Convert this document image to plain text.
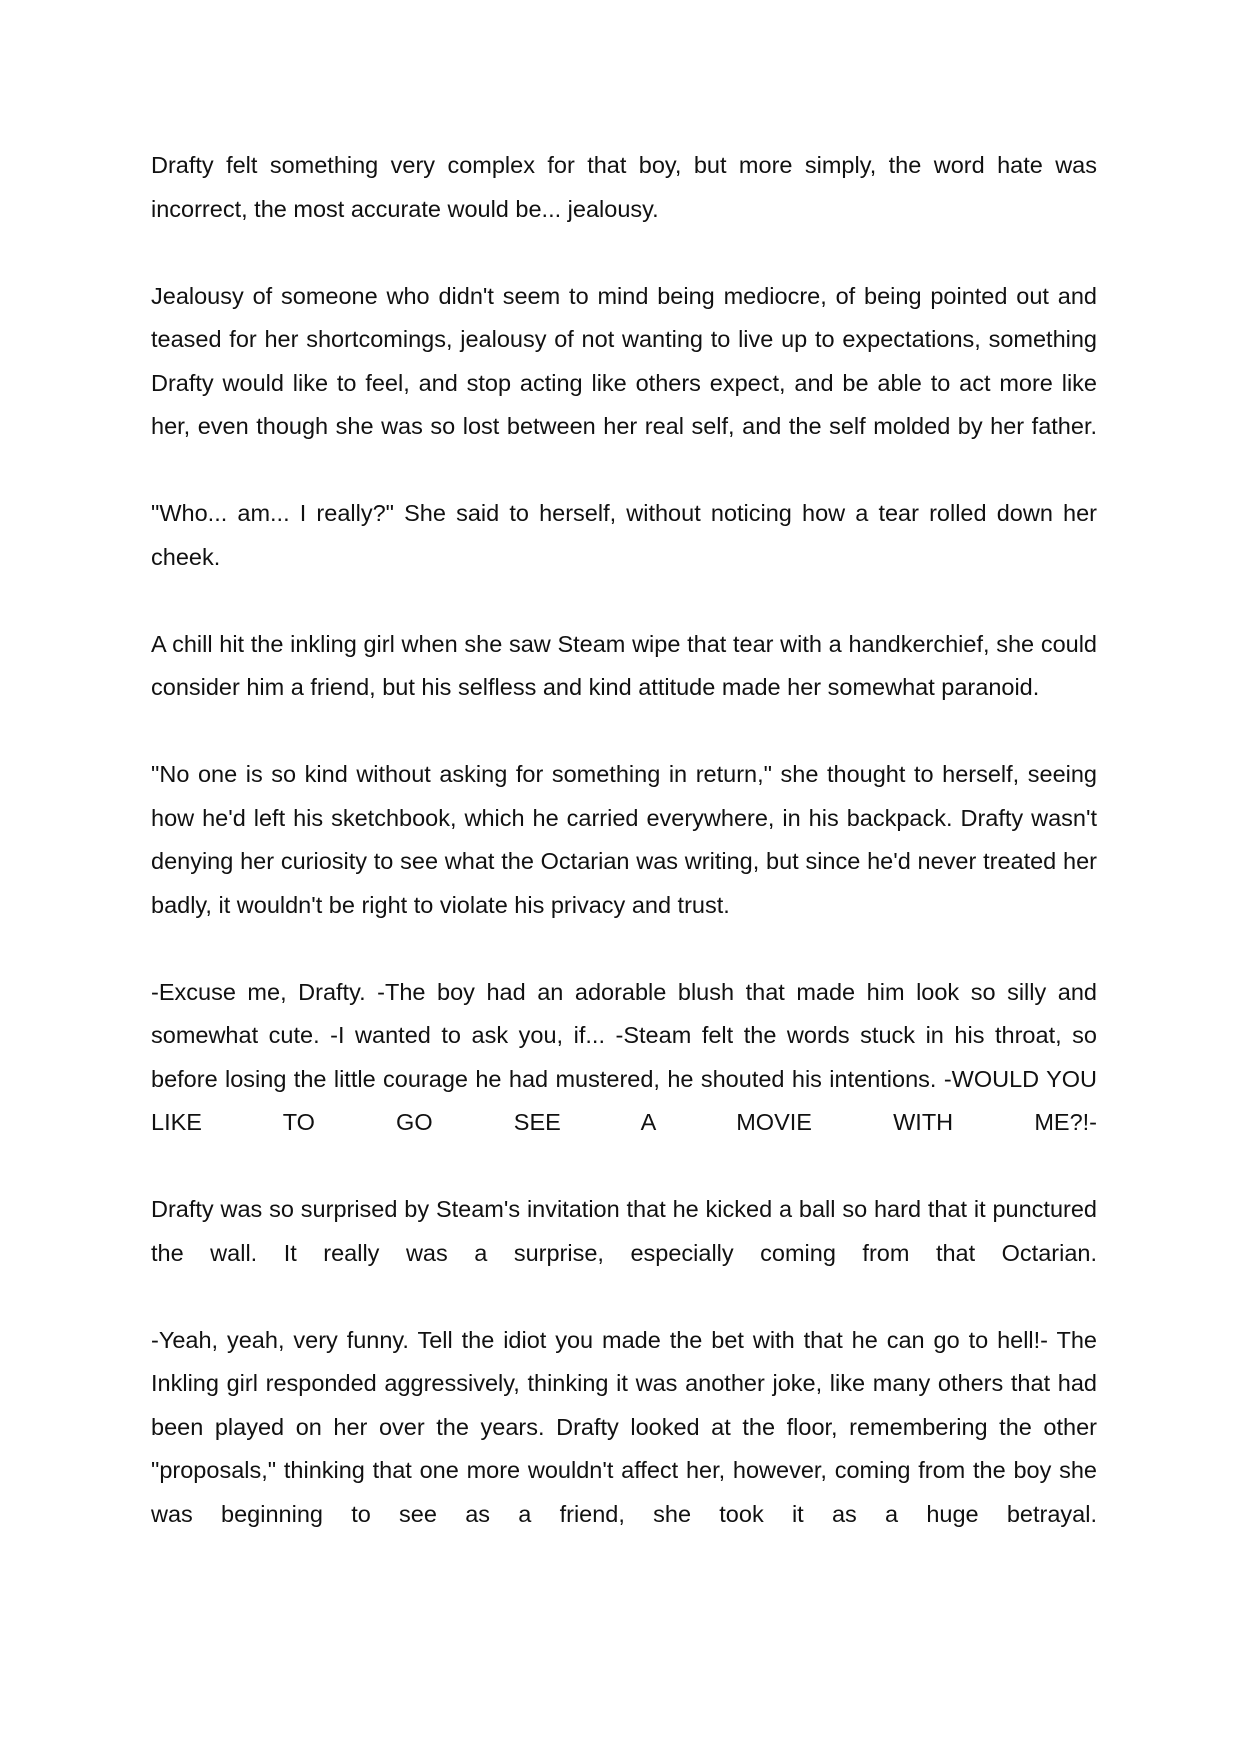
Drafty felt something very complex for that boy, but more simply, the word hate was incorrect, the most accurate would be... jealousy.

Jealousy of someone who didn't seem to mind being mediocre, of being pointed out and teased for her shortcomings, jealousy of not wanting to live up to expectations, something Drafty would like to feel, and stop acting like others expect, and be able to act more like her, even though she was so lost between her real self, and the self molded by her father.

"Who... am... I really?" She said to herself, without noticing how a tear rolled down her cheek.

A chill hit the inkling girl when she saw Steam wipe that tear with a handkerchief, she could consider him a friend, but his selfless and kind attitude made her somewhat paranoid.

"No one is so kind without asking for something in return," she thought to herself, seeing how he'd left his sketchbook, which he carried everywhere, in his backpack. Drafty wasn't denying her curiosity to see what the Octarian was writing, but since he'd never treated her badly, it wouldn't be right to violate his privacy and trust.

-Excuse me, Drafty. -The boy had an adorable blush that made him look so silly and somewhat cute. -I wanted to ask you, if... -Steam felt the words stuck in his throat, so before losing the little courage he had mustered, he shouted his intentions. -WOULD YOU LIKE TO GO SEE A MOVIE WITH ME?!-

Drafty was so surprised by Steam's invitation that he kicked a ball so hard that it punctured the wall. It really was a surprise, especially coming from that Octarian.

-Yeah, yeah, very funny. Tell the idiot you made the bet with that he can go to hell!- The Inkling girl responded aggressively, thinking it was another joke, like many others that had been played on her over the years. Drafty looked at the floor, remembering the other "proposals," thinking that one more wouldn't affect her, however, coming from the boy she was beginning to see as a friend, she took it as a huge betrayal.
